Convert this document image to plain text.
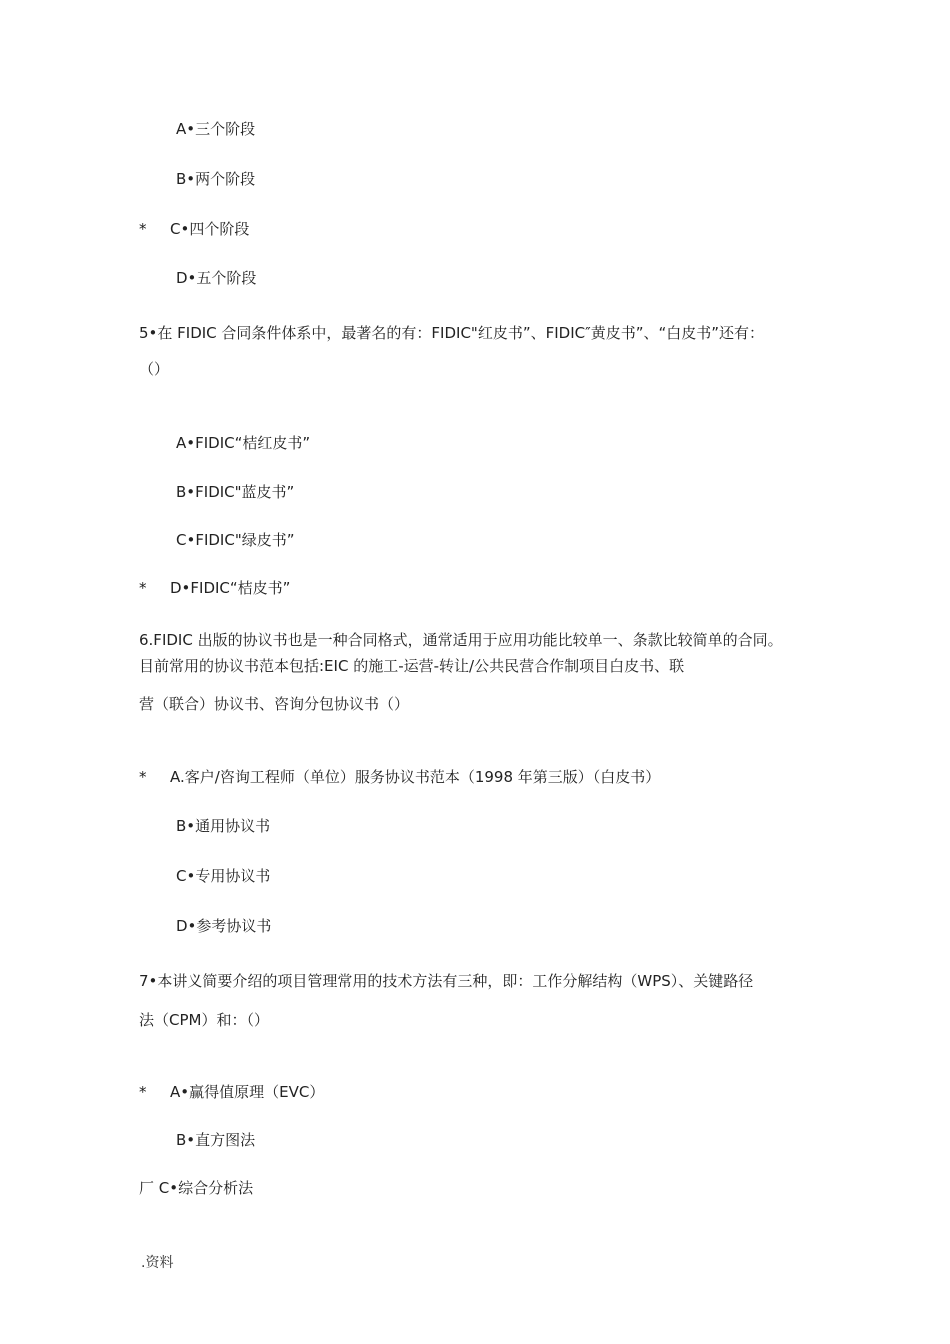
A•三个阶段
B•两个阶段
* C•四个阶段
D•五个阶段
5•在 FIDIC 合同条件体系中，最著名的有：FIDIC"红皮书”、FIDIC″黄皮书”、“白皮书”还有：
（）
A•FIDIC“桔红皮书”
B•FIDIC"蓝皮书”
C•FIDIC"绿皮书”
* D•FIDIC“桔皮书”
6.FIDIC 出版的协议书也是一种合同格式，通常适用于应用功能比较单一、条款比较简单的合同。
目前常用的协议书范本包括:EIC 的施工-运营-转让/公共民营合作制项目白皮书、联
营（联合）协议书、咨询分包协议书（）
* A.客户/咨询工程师（单位）服务协议书范本（1998 年第三版）（白皮书）
B•通用协议书
C•专用协议书
D•参考协议书
7•本讲义简要介绍的项目管理常用的技术方法有三种，即：工作分解结构（WPS）、关键路径
法（CPM）和：（）
* A•赢得值原理（EVC）
B•直方图法
厂 C•综合分析法
.资料
